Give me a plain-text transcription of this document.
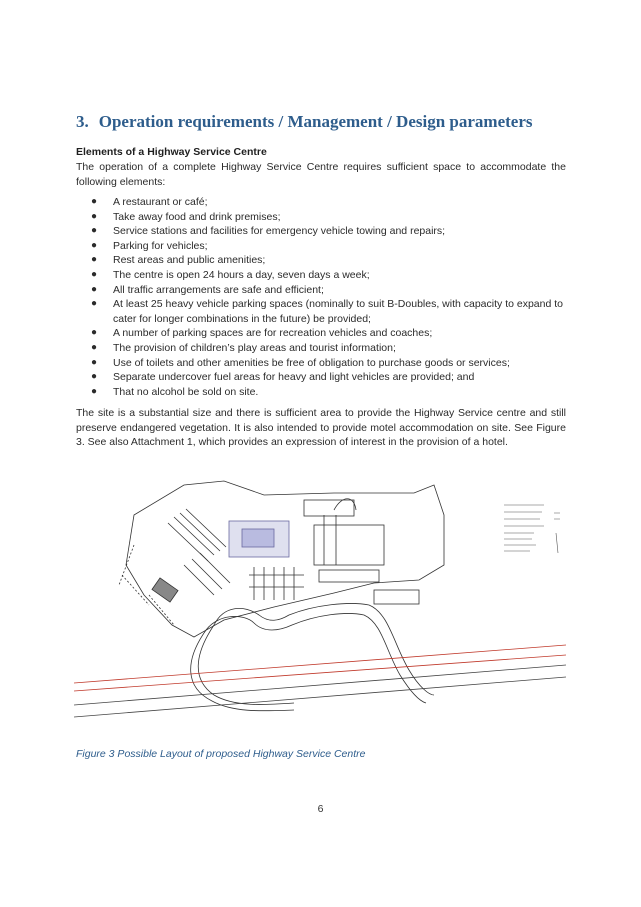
3. Operation requirements / Management / Design parameters

Elements of a Highway Service Centre

The operation of a complete Highway Service Centre requires sufficient space to accommodate the following elements:

● A restaurant or café;
● Take away food and drink premises;
● Service stations and facilities for emergency vehicle towing and repairs;
● Parking for vehicles;
● Rest areas and public amenities;
● The centre is open 24 hours a day, seven days a week;
● All traffic arrangements are safe and efficient;
● At least 25 heavy vehicle parking spaces (nominally to suit B-Doubles, with capacity to expand to cater for longer combinations in the future) be provided;
● A number of parking spaces are for recreation vehicles and coaches;
● The provision of children’s play areas and tourist information;
● Use of toilets and other amenities be free of obligation to purchase goods or services;
● Separate undercover fuel areas for heavy and light vehicles are provided; and
● That no alcohol be sold on site.

The site is a substantial size and there is sufficient area to provide the Highway Service centre and still preserve endangered vegetation. It is also intended to provide motel accommodation on site. See Figure 3. See also Attachment 1, which provides an expression of interest in the provision of a hotel.

Figure 3 Possible Layout of proposed Highway Service Centre

6
